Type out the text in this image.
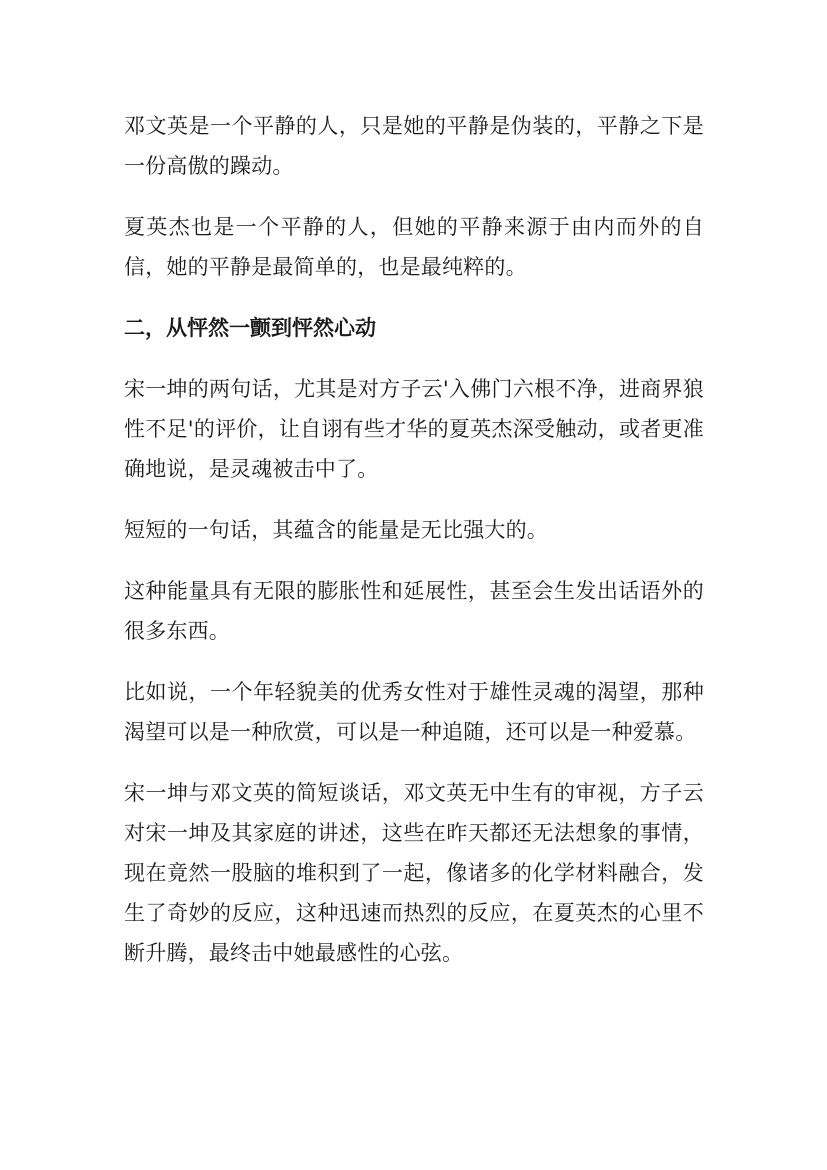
邓文英是一个平静的人，只是她的平静是伪装的，平静之下是一份高傲的躁动。

夏英杰也是一个平静的人，但她的平静来源于由内而外的自信，她的平静是最简单的，也是最纯粹的。

二，从怦然一颤到怦然心动

宋一坤的两句话，尤其是对方子云'入佛门六根不净，进商界狼性不足'的评价，让自诩有些才华的夏英杰深受触动，或者更准确地说，是灵魂被击中了。

短短的一句话，其蕴含的能量是无比强大的。

这种能量具有无限的膨胀性和延展性，甚至会生发出话语外的很多东西。

比如说，一个年轻貌美的优秀女性对于雄性灵魂的渴望，那种渴望可以是一种欣赏，可以是一种追随，还可以是一种爱慕。

宋一坤与邓文英的简短谈话，邓文英无中生有的审视，方子云对宋一坤及其家庭的讲述，这些在昨天都还无法想象的事情，现在竟然一股脑的堆积到了一起，像诸多的化学材料融合，发生了奇妙的反应，这种迅速而热烈的反应，在夏英杰的心里不断升腾，最终击中她最感性的心弦。
